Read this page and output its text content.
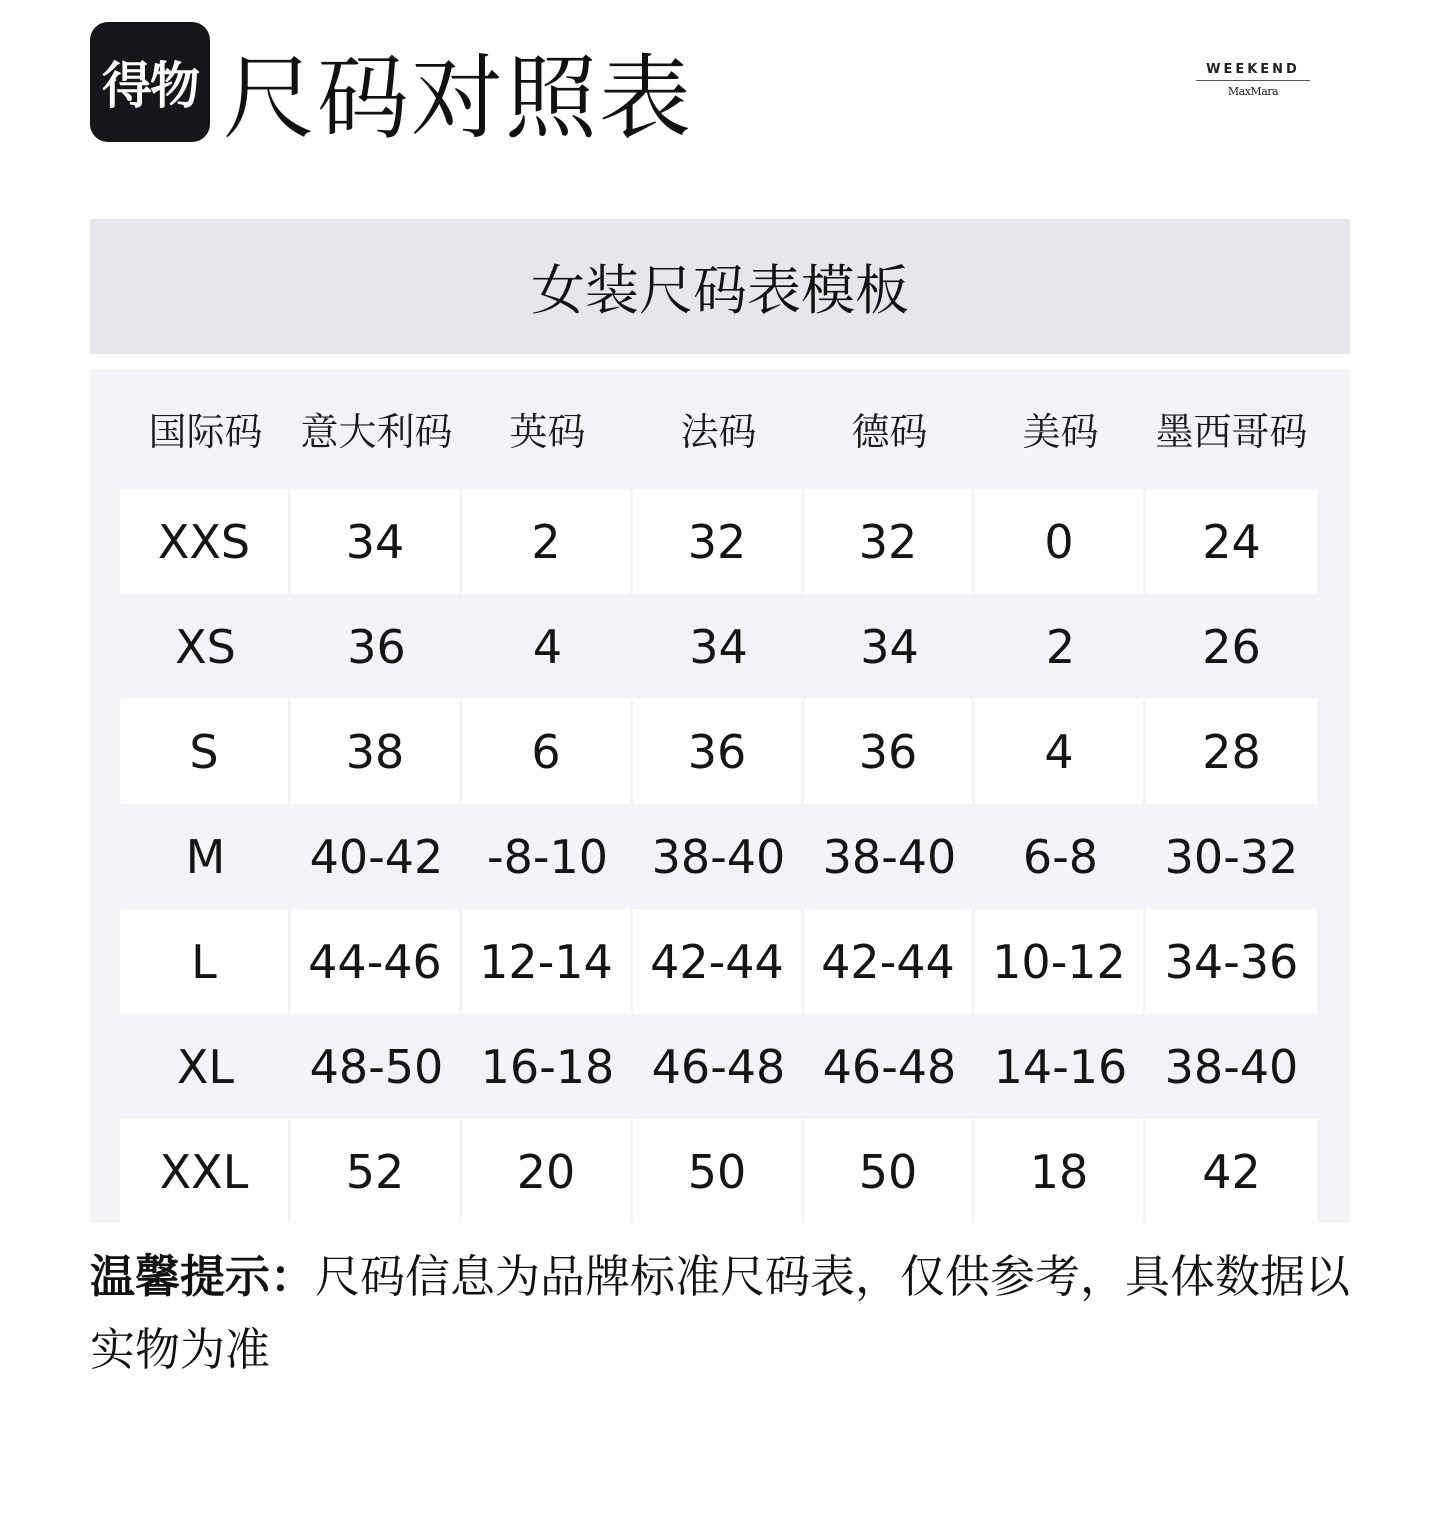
得物 尺码对照表	WEEKEND
MaxMara
女装尺码表模板
国际码 意大利码	英码	法码	德码	美码	墨西哥码
XXS	34	2	32	32	0	24
XS	36	4	34	34	2	26
S	38	6	36	36	4	28
M	40-42 -8-10 38-40 38-40	6-8	30-32
L	44-46 12-14 42-44 42-44 10-12 34-36
XL	48-50 16-18 46-48 46-48 14-16 38-40
XXL	52	20	50	50	18	42
温馨提示：尺码信息为品牌标准尺码表，仅供参考，具体数据以实物为准
